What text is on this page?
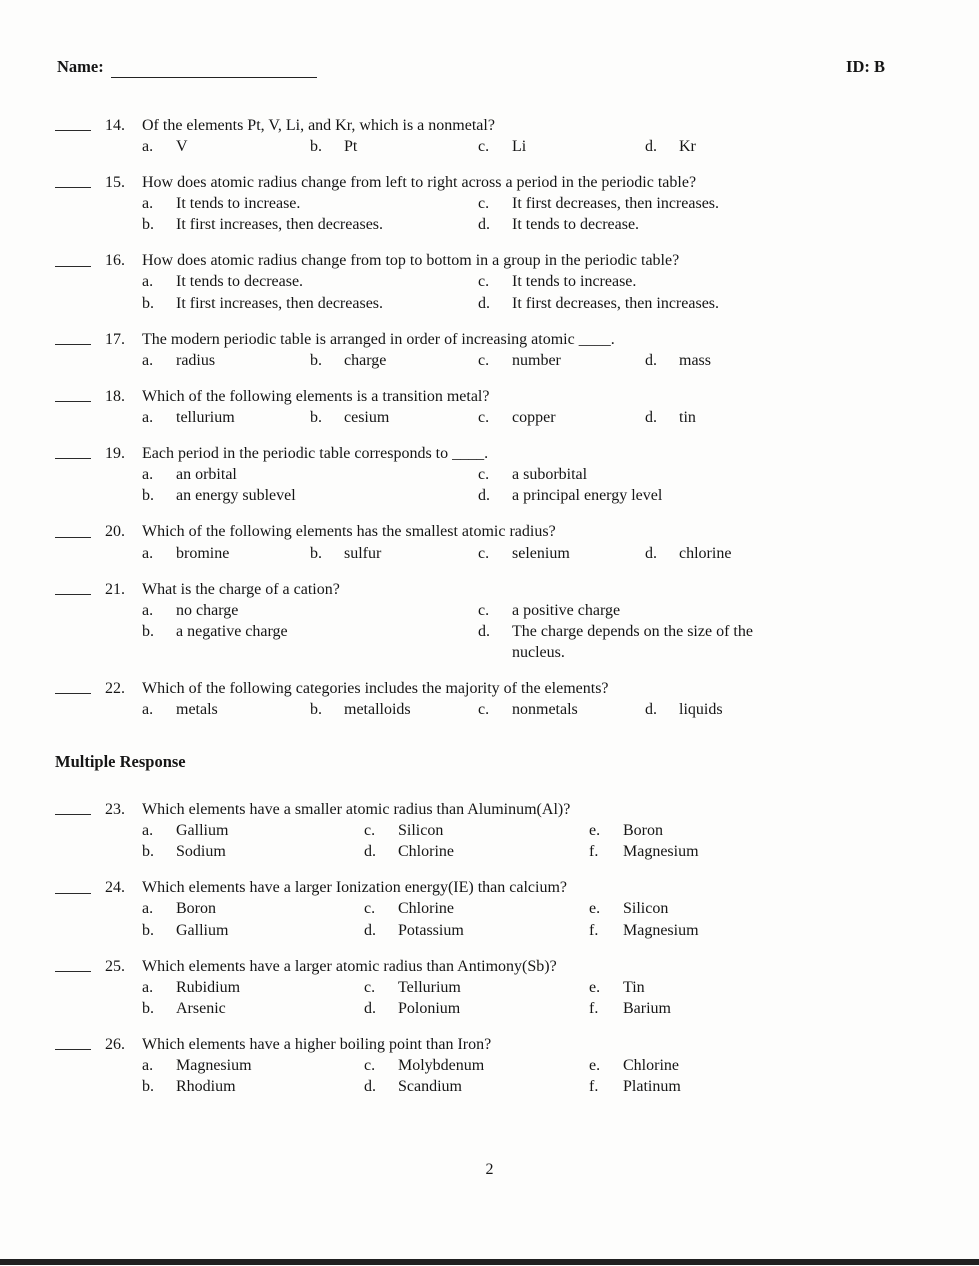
Name:	ID: B
14.	Of the elements Pt, V, Li, and Kr, which is a nonmetal?
a.	V	b.	Pt	c.	Li	d.	Kr
15.	How does atomic radius change from left to right across a period in the periodic table?
a.	It tends to increase.
b.	It first increases, then decreases.
c.	It first decreases, then increases.
d.	It tends to decrease.
16.	How does atomic radius change from top to bottom in a group in the periodic table?
a.	It tends to decrease.
b.	It first increases, then decreases.
c.	It tends to increase.
d.	It first decreases, then increases.
17.	The modern periodic table is arranged in order of increasing atomic ____.
a.	radius	b.	charge	c.	number	d.	mass
18.	Which of the following elements is a transition metal?
a.	tellurium	b.	cesium	c.	copper	d.	tin
19.	Each period in the periodic table corresponds to ____.
a.	an orbital
b.	an energy sublevel
c.	a suborbital
d.	a principal energy level
20.	Which of the following elements has the smallest atomic radius?
a.	bromine	b.	sulfur	c.	selenium	d.	chlorine
21.	What is the charge of a cation?
a.	no charge
b.	a negative charge
c.	a positive charge
d.	The charge depends on the size of the nucleus.
22.	Which of the following categories includes the majority of the elements?
a.	metals	b.	metalloids	c.	nonmetals	d.	liquids
Multiple Response
23.	Which elements have a smaller atomic radius than Aluminum(Al)?
a.	Gallium
b.	Sodium
c.	Silicon
d.	Chlorine
e.	Boron
f.	Magnesium
24.	Which elements have a larger Ionization energy(IE) than calcium?
a.	Boron
b.	Gallium
c.	Chlorine
d.	Potassium
e.	Silicon
f.	Magnesium
25.	Which elements have a larger atomic radius than Antimony(Sb)?
a.	Rubidium
b.	Arsenic
c.	Tellurium
d.	Polonium
e.	Tin
f.	Barium
26.	Which elements have a higher boiling point than Iron?
a.	Magnesium
b.	Rhodium
c.	Molybdenum
d.	Scandium
e.	Chlorine
f.	Platinum
2
